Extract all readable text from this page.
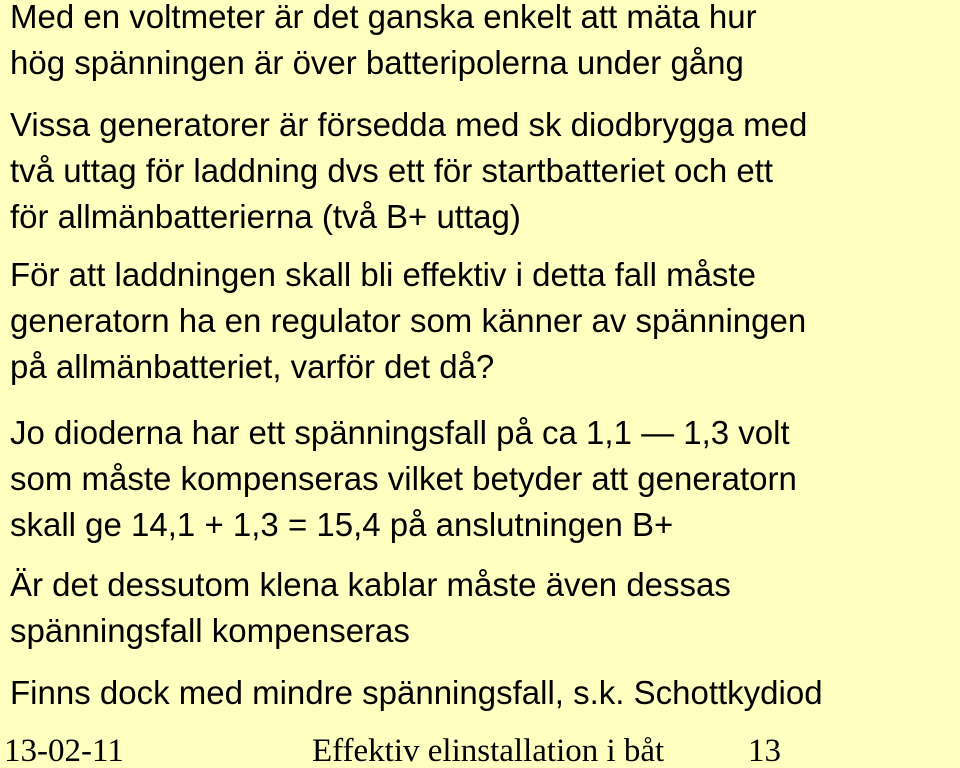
Med en voltmeter är det ganska enkelt att mäta hur
hög spänningen är över batteripolerna under gång

Vissa generatorer är försedda med sk diodbrygga med
två uttag för laddning dvs ett för startbatteriet och ett
för allmänbatterierna (två B+ uttag)

För att laddningen skall bli effektiv i detta fall måste
generatorn ha en regulator som känner av spänningen
på allmänbatteriet, varför det då?

Jo dioderna har ett spänningsfall på ca 1,1 — 1,3 volt
som måste kompenseras vilket betyder att generatorn
skall ge 14,1 + 1,3 = 15,4 på anslutningen B+

Är det dessutom klena kablar måste även dessas
spänningsfall kompenseras

Finns dock med mindre spänningsfall, s.k. Schottkydiod

13-02-11	Effektiv elinstallation i båt	13
